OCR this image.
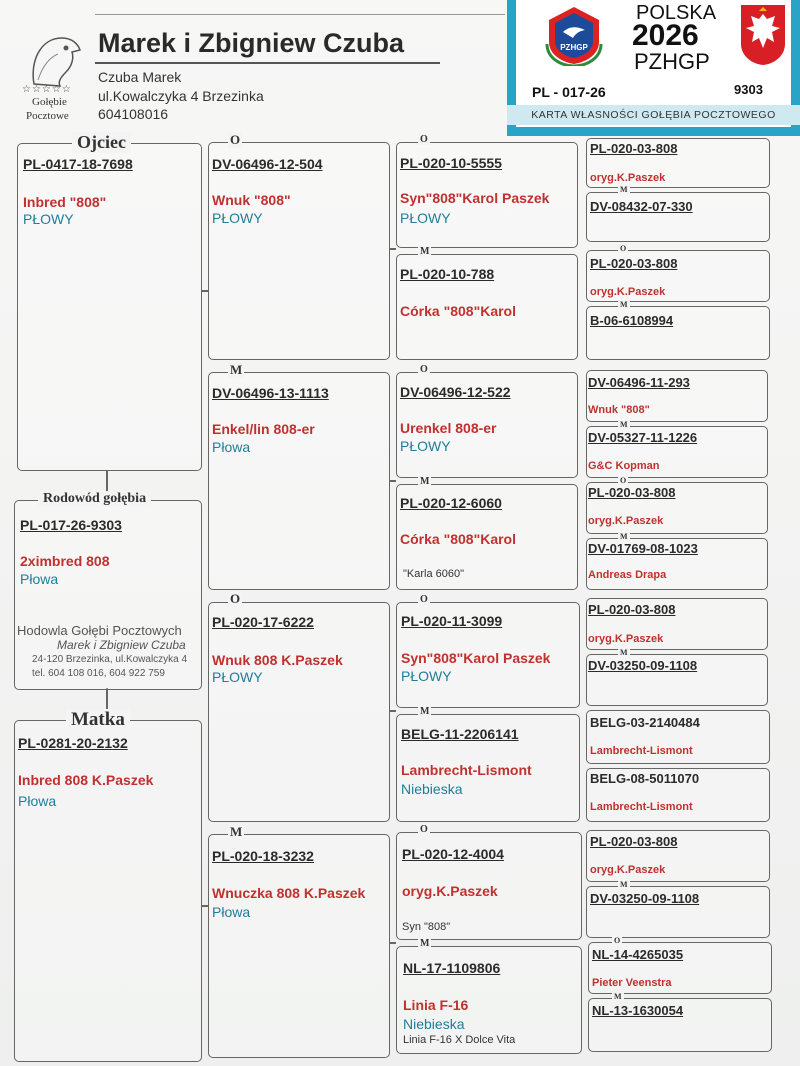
☆☆☆☆☆
Gołębie
Pocztowe
Marek i Zbigniew Czuba
Czuba Marek
ul.Kowalczyka 4 Brzezinka
604108016
PZHGP
POLSKA
2026
PZHGP
PL - 017-26	9303
KARTA WŁASNOŚCI GOŁĘBIA POCZTOWEGO
Ojciec
PL-0417-18-7698
Inbred "808"
PŁOWY
Rodowód gołębia
PL-017-26-9303
2ximbred 808
Płowa
Hodowla Gołębi Pocztowych
Marek i Zbigniew Czuba
24-120 Brzezinka, ul.Kowalczyka 4
tel. 604 108 016, 604 922 759
Matka
PL-0281-20-2132
Inbred 808 K.Paszek
Płowa
O
DV-06496-12-504
Wnuk "808"
PŁOWY
M
DV-06496-13-1113
Enkel/lin 808-er
Płowa
O
PL-020-17-6222
Wnuk 808 K.Paszek
PŁOWY
M
PL-020-18-3232
Wnuczka 808 K.Paszek
Płowa
O
PL-020-10-5555
Syn"808"Karol Paszek
PŁOWY
M
PL-020-10-788
Córka "808"Karol
O
DV-06496-12-522
Urenkel 808-er
PŁOWY
M
PL-020-12-6060
Córka "808"Karol
"Karla 6060"
O
PL-020-11-3099
Syn"808"Karol Paszek
PŁOWY
M
BELG-11-2206141
Lambrecht-Lismont
Niebieska
O
PL-020-12-4004
oryg.K.Paszek
Syn "808"
M
NL-17-1109806
Linia F-16
Niebieska
Linia F-16 X Dolce Vita
PL-020-03-808
oryg.K.Paszek
M
DV-08432-07-330
O
PL-020-03-808
oryg.K.Paszek
M
B-06-6108994
DV-06496-11-293
Wnuk "808"
M
DV-05327-11-1226
G&C Kopman
O
PL-020-03-808
oryg.K.Paszek
M
DV-01769-08-1023
Andreas Drapa
PL-020-03-808
oryg.K.Paszek
M
DV-03250-09-1108
BELG-03-2140484
Lambrecht-Lismont
BELG-08-5011070
Lambrecht-Lismont
PL-020-03-808
oryg.K.Paszek
M
DV-03250-09-1108
O
NL-14-4265035
Pieter Veenstra
M
NL-13-1630054
